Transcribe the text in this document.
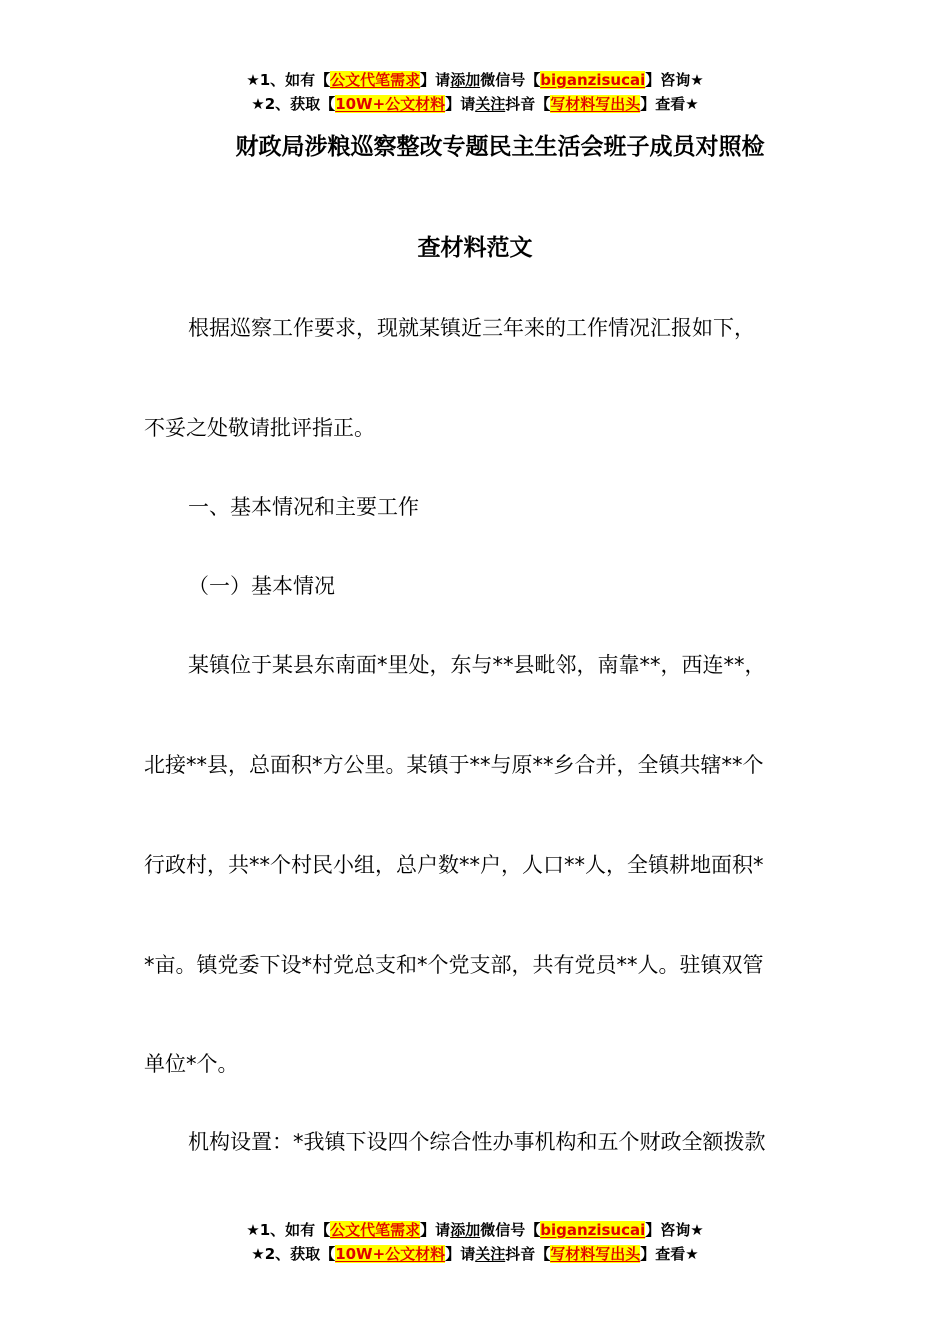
★1、如有【公文代笔需求】请添加微信号【biganzisucai】咨询★
★2、获取【10W+公文材料】请关注抖音【写材料写出头】查看★
财政局涉粮巡察整改专题民主生活会班子成员对照检
查材料范文
根据巡察工作要求，现就某镇近三年来的工作情况汇报如下，
不妥之处敬请批评指正。
一、基本情况和主要工作
（一）基本情况
某镇位于某县东南面*里处，东与**县毗邻，南靠**，西连**，
北接**县，总面积*方公里。某镇于**与原**乡合并，全镇共辖**个
行政村，共**个村民小组，总户数**户，人口**人，全镇耕地面积*
*亩。镇党委下设*村党总支和*个党支部，共有党员**人。驻镇双管
单位*个。
机构设置：*我镇下设四个综合性办事机构和五个财政全额拨款
★1、如有【公文代笔需求】请添加微信号【biganzisucai】咨询★
★2、获取【10W+公文材料】请关注抖音【写材料写出头】查看★
